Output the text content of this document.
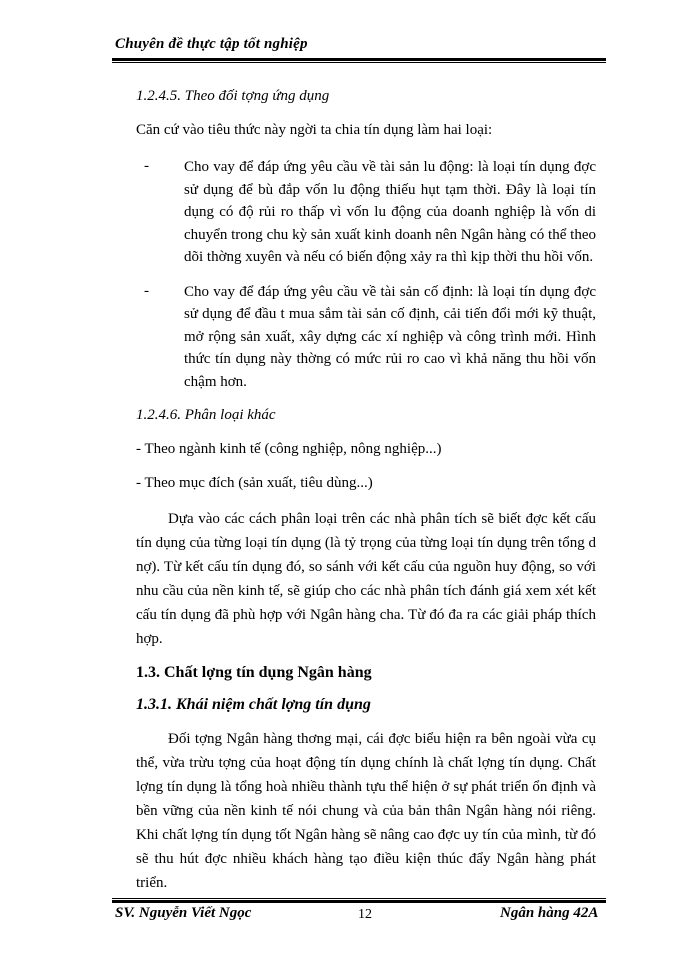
Chuyên đề thực tập tốt nghiệp
1.2.4.5. Theo đối tợng ứng dụng

Căn cứ vào tiêu thức này ngời ta chia tín dụng làm hai loại:

- Cho vay để đáp ứng yêu cầu về tài sản lu động: là loại tín dụng đợc sử dụng để bù đắp vốn lu động thiếu hụt tạm thời. Đây là loại tín dụng có độ rủi ro thấp vì vốn lu động của doanh nghiệp là vốn di chuyển trong chu kỳ sản xuất kinh doanh nên Ngân hàng có thể theo dõi thờng xuyên và nếu có biến động xảy ra thì kịp thời thu hồi vốn.
- Cho vay để đáp ứng yêu cầu về tài sản cố định: là loại tín dụng đợc sử dụng để đầu t mua sắm tài sản cố định, cải tiến đổi mới kỹ thuật, mở rộng sản xuất, xây dựng các xí nghiệp và công trình mới. Hình thức tín dụng này thờng có mức rủi ro cao vì khả năng thu hồi vốn chậm hơn.
1.2.4.6. Phân loại khác
- Theo ngành kinh tế (công nghiệp, nông nghiệp...)
- Theo mục đích (sản xuất, tiêu dùng...)

Dựa vào các cách phân loại trên các nhà phân tích sẽ biết đợc kết cấu tín dụng của từng loại tín dụng (là tỷ trọng của từng loại tín dụng trên tổng d nợ). Từ kết cấu tín dụng đó, so sánh với kết cấu của nguồn huy động, so với nhu cầu của nền kinh tế, sẽ giúp cho các nhà phân tích đánh giá xem xét kết cấu tín dụng đã phù hợp với Ngân hàng cha. Từ đó đa ra các giải pháp thích hợp.

1.3. Chất lợng tín dụng Ngân hàng
1.3.1. Khái niệm chất lợng tín dụng

Đối tợng Ngân hàng thơng mại, cái đợc biểu hiện ra bên ngoài vừa cụ thể, vừa trừu tợng của hoạt động tín dụng chính là chất lợng tín dụng. Chất lợng tín dụng là tổng hoà nhiều thành tựu thể hiện ở sự phát triển ổn định và bền vững của nền kinh tế nói chung và của bản thân Ngân hàng nói riêng. Khi chất lợng tín dụng tốt Ngân hàng sẽ nâng cao đợc uy tín của mình, từ đó sẽ thu hút đợc nhiều khách hàng tạo điều kiện thúc đẩy Ngân hàng phát triển.

SV. Nguyễn Viết Ngọc	12	Ngân hàng 42A
